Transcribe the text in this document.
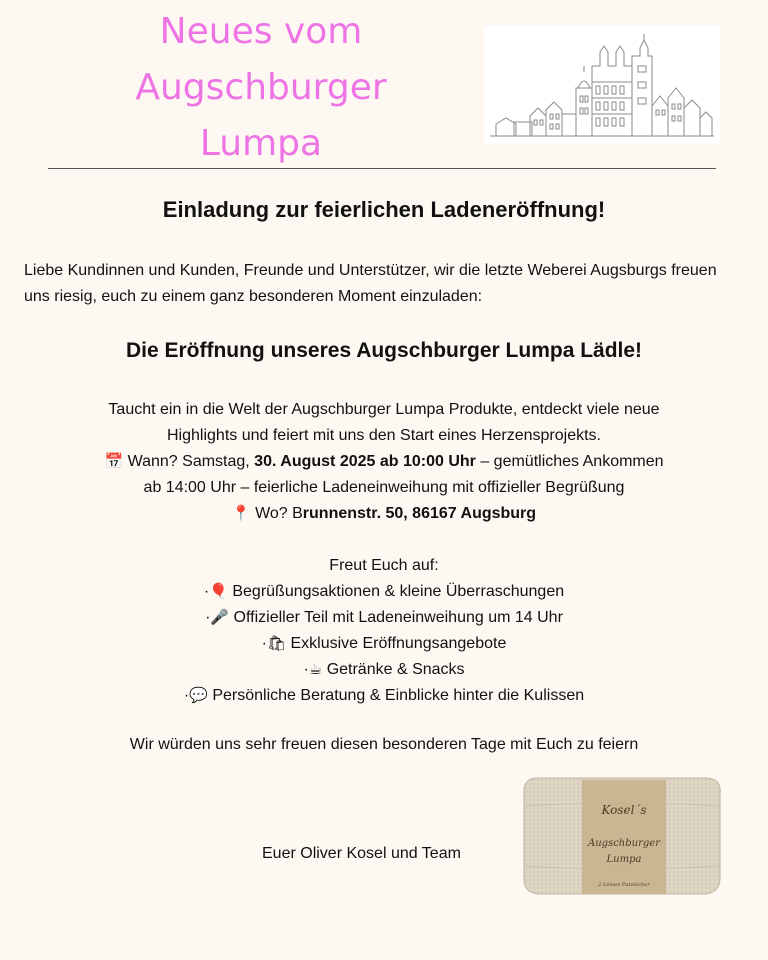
Neues vom
Augschburger
Lumpa
Einladung zur feierlichen Ladeneröffnung!
Liebe Kundinnen und Kunden, Freunde und Unterstützer, wir die letzte Weberei Augsburgs freuen uns riesig, euch zu einem ganz besonderen Moment einzuladen:
Die Eröffnung unseres Augschburger Lumpa Lädle!
Taucht ein in die Welt der Augschburger Lumpa Produkte, entdeckt viele neue
Highlights und feiert mit uns den Start eines Herzensprojekts.
📅 Wann? Samstag, 30. August 2025 ab 10:00 Uhr – gemütliches Ankommen
ab 14:00 Uhr – feierliche Ladeneinweihung mit offizieller Begrüßung
📍 Wo? Brunnenstr. 50, 86167 Augsburg
Freut Euch auf:
·🎈 Begrüßungsaktionen & kleine Überraschungen
·🎤 Offizieller Teil mit Ladeneinweihung um 14 Uhr
·🛍 Exklusive Eröffnungsangebote
·☕ Getränke & Snacks
·💬 Persönliche Beratung & Einblicke hinter die Kulissen
Wir würden uns sehr freuen diesen besonderen Tage mit Euch zu feiern
Euer Oliver Kosel und Team
Kosel´s
Augschburger
Lumpa
2 Leinen Putztücher
